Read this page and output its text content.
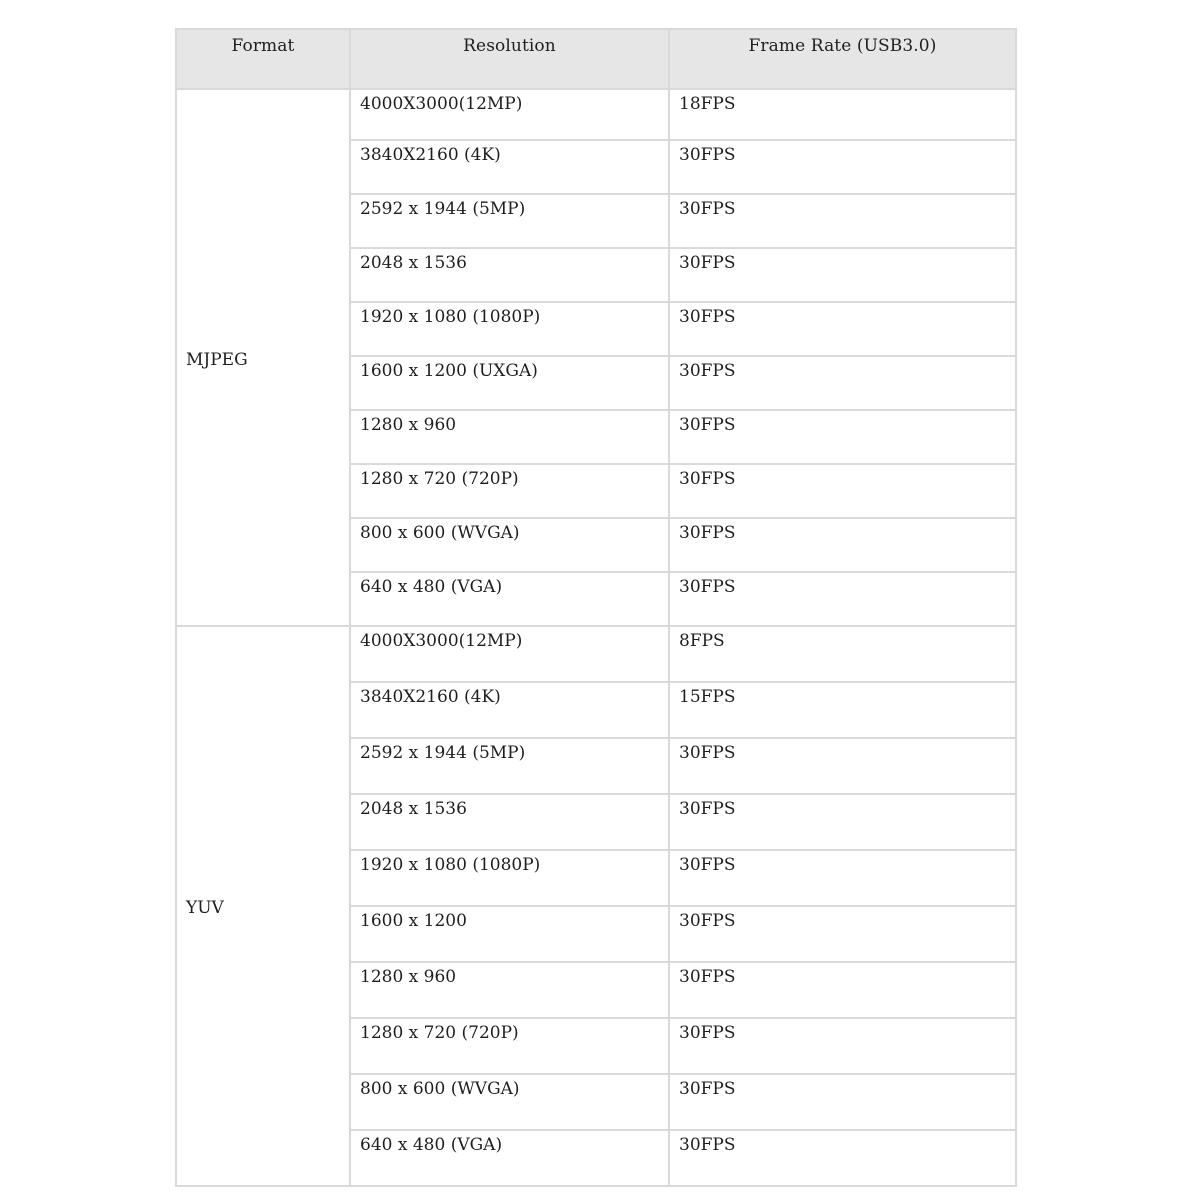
Format	Resolution	Frame Rate (USB3.0)
MJPEG	4000X3000(12MP)	18FPS
	3840X2160 (4K)	30FPS
	2592 x 1944 (5MP)	30FPS
	2048 x 1536	30FPS
	1920 x 1080 (1080P)	30FPS
	1600 x 1200 (UXGA)	30FPS
	1280 x 960	30FPS
	1280 x 720 (720P)	30FPS
	800 x 600 (WVGA)	30FPS
	640 x 480 (VGA)	30FPS
YUV	4000X3000(12MP)	8FPS
	3840X2160 (4K)	15FPS
	2592 x 1944 (5MP)	30FPS
	2048 x 1536	30FPS
	1920 x 1080 (1080P)	30FPS
	1600 x 1200	30FPS
	1280 x 960	30FPS
	1280 x 720 (720P)	30FPS
	800 x 600 (WVGA)	30FPS
	640 x 480 (VGA)	30FPS
